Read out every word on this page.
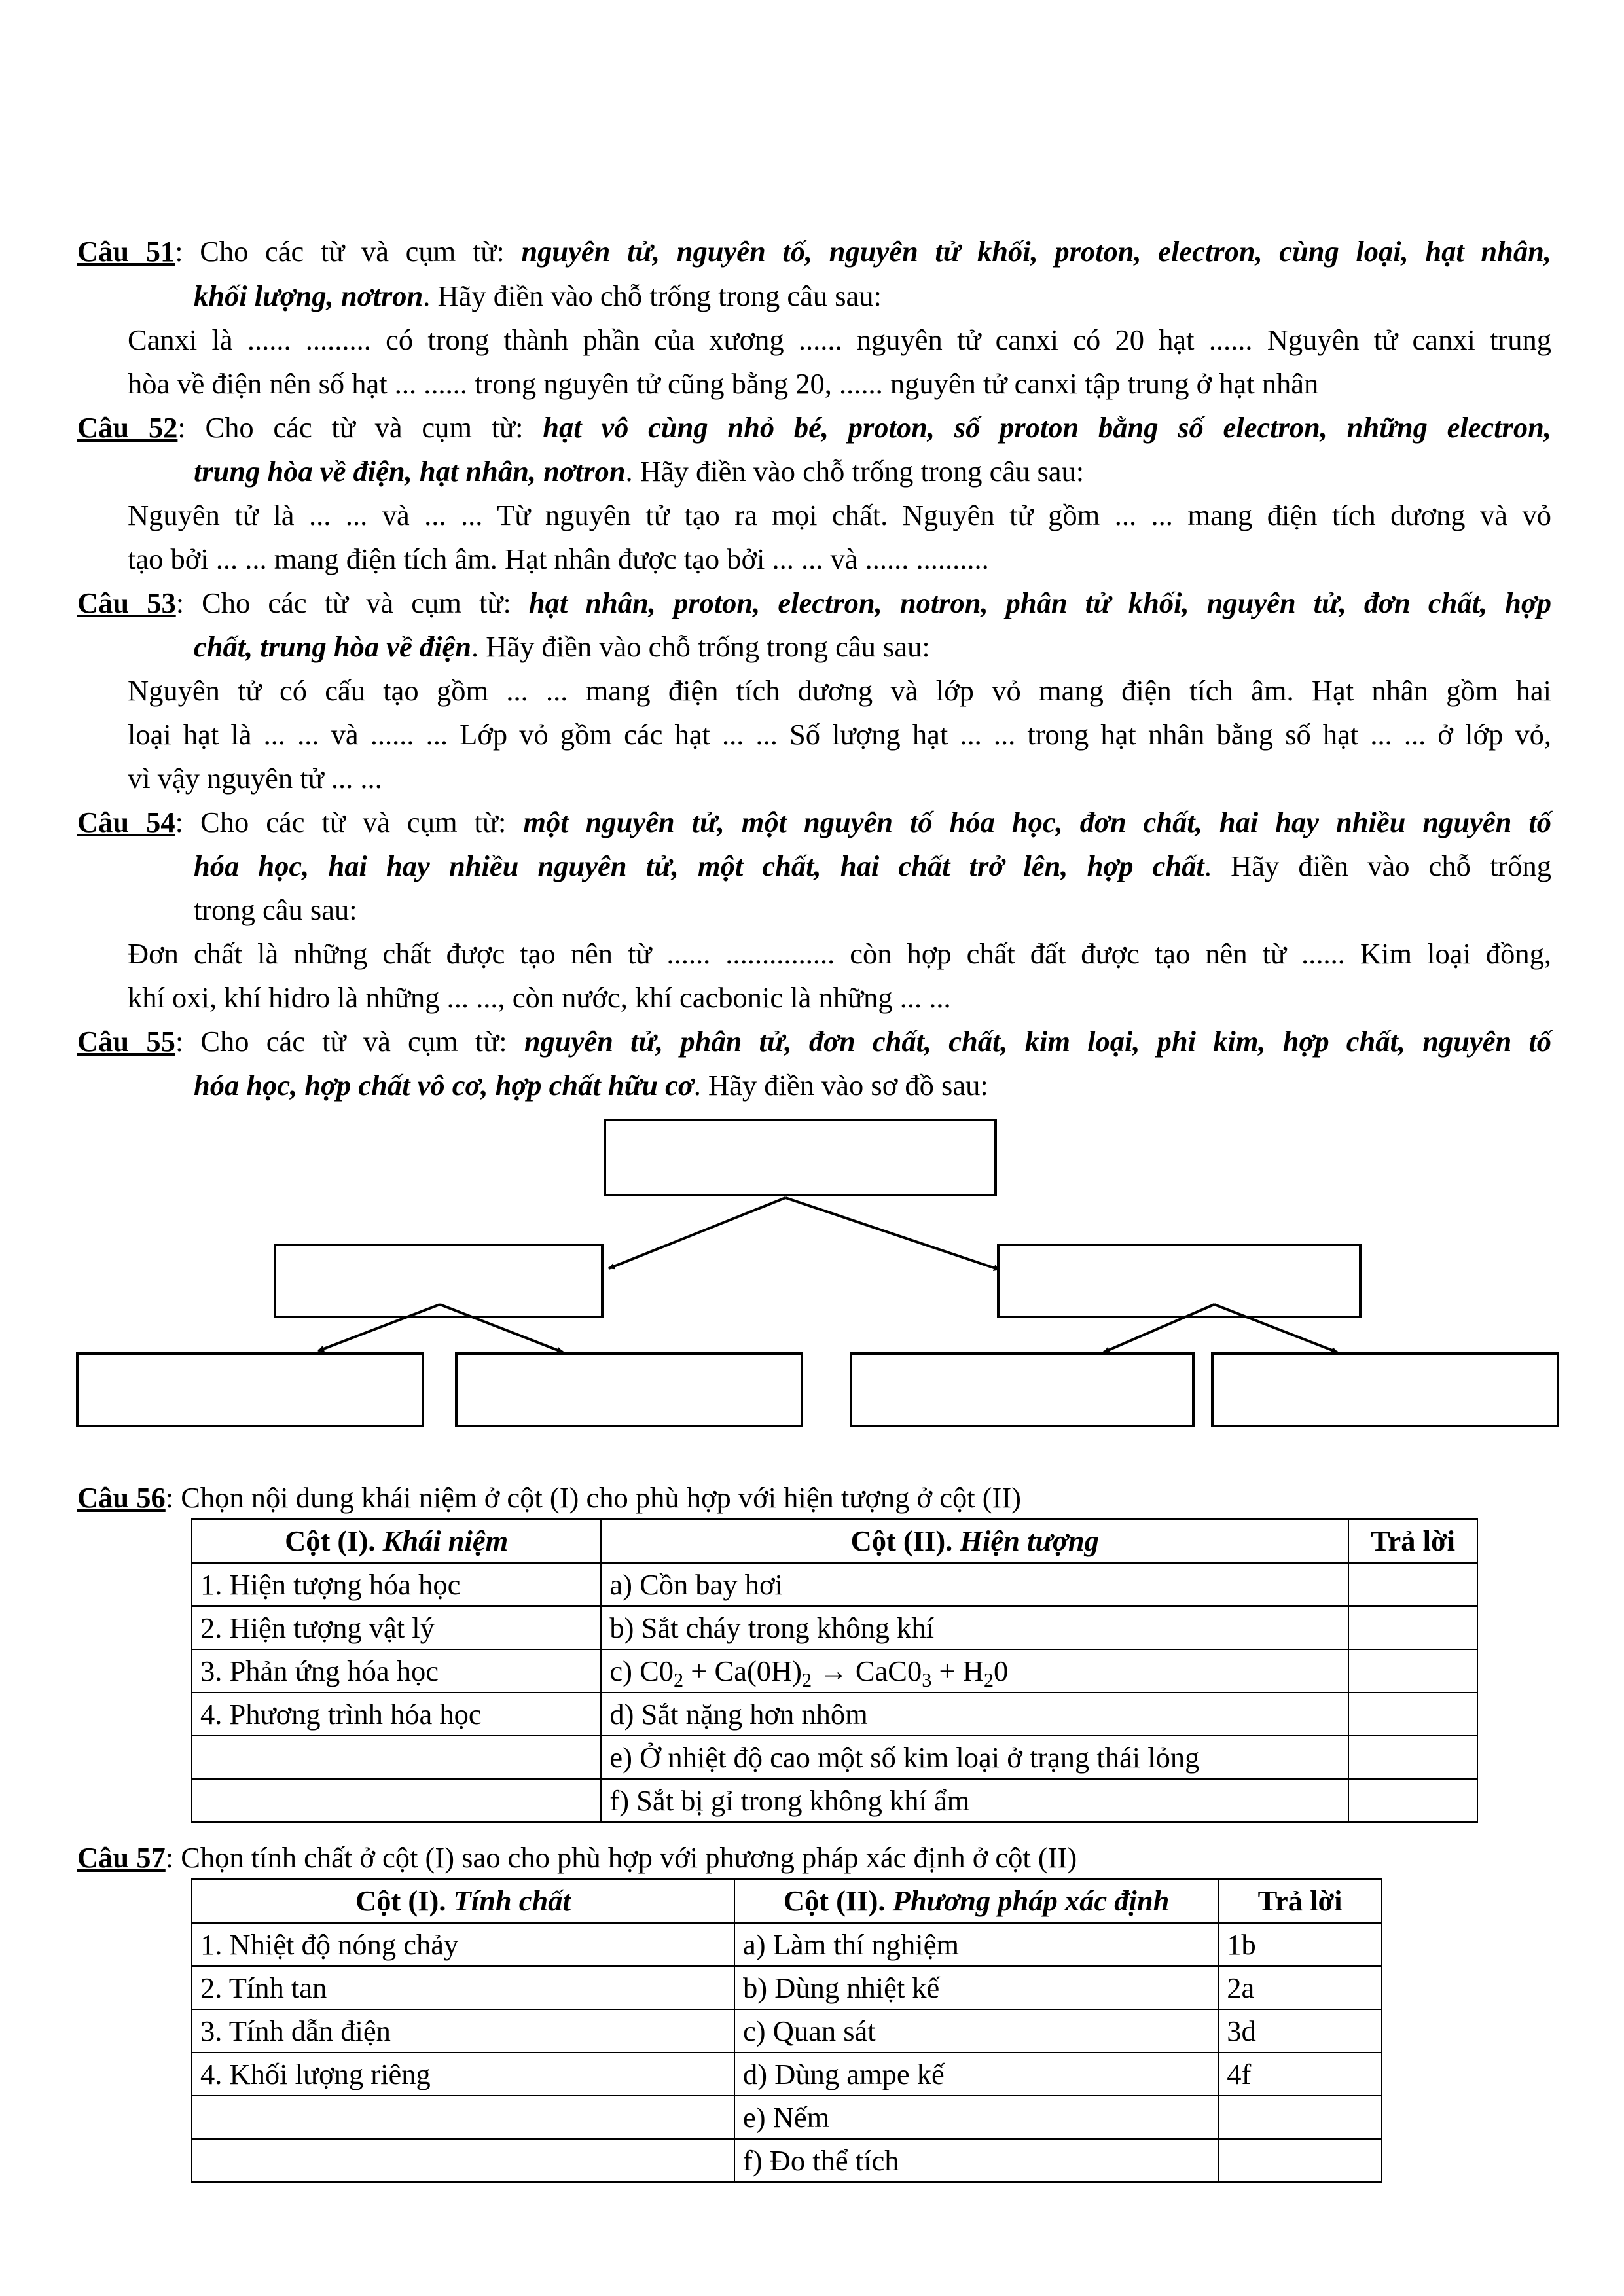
Câu 51: Cho các từ và cụm từ: nguyên tử, nguyên tố, nguyên tử khối, proton, electron, cùng loại, hạt nhân,
khối lượng, nơtron. Hãy điền vào chỗ trống trong câu sau:
Canxi là ...... ......... có trong thành phần của xương ...... nguyên tử canxi có 20 hạt ...... Nguyên tử canxi trung
hòa về điện nên số hạt ... ...... trong nguyên tử cũng bằng 20, ...... nguyên tử canxi tập trung ở hạt nhân
Câu 52: Cho các từ và cụm từ: hạt vô cùng nhỏ bé, proton, số proton bằng số electron, những electron,
trung hòa về điện, hạt nhân, nơtron. Hãy điền vào chỗ trống trong câu sau:
Nguyên tử là ... ... và ... ... Từ nguyên tử tạo ra mọi chất. Nguyên tử gồm ... ... mang điện tích dương và vỏ
tạo bởi ... ... mang điện tích âm. Hạt nhân được tạo bởi ... ... và ...... ..........
Câu 53: Cho các từ và cụm từ: hạt nhân, proton, electron, notron, phân tử khối, nguyên tử, đơn chất, hợp
chất, trung hòa về điện. Hãy điền vào chỗ trống trong câu sau:
Nguyên tử có cấu tạo gồm ... ... mang điện tích dương và lớp vỏ mang điện tích âm. Hạt nhân gồm hai
loại hạt là ... ... và ...... ... Lớp vỏ gồm các hạt ... ... Số lượng hạt ... ... trong hạt nhân bằng số hạt ... ... ở lớp vỏ,
vì vậy nguyên tử ... ...
Câu 54: Cho các từ và cụm từ: một nguyên tử, một nguyên tố hóa học, đơn chất, hai hay nhiều nguyên tố
hóa học, hai hay nhiều nguyên tử, một chất, hai chất trở lên, hợp chất. Hãy điền vào chỗ trống
trong câu sau:
Đơn chất là những chất được tạo nên từ ...... ............... còn hợp chất đất được tạo nên từ ...... Kim loại đồng,
khí oxi, khí hidro là những ... ..., còn nước, khí cacbonic là những ... ...
Câu 55: Cho các từ và cụm từ: nguyên tử, phân tử, đơn chất, chất, kim loại, phi kim, hợp chất, nguyên tố
hóa học, hợp chất vô cơ, hợp chất hữu cơ. Hãy điền vào sơ đồ sau:
Câu 56: Chọn nội dung khái niệm ở cột (I) cho phù hợp với hiện tượng ở cột (II)
Cột (I). Khái niệm	Cột (II). Hiện tượng	Trả lời
1. Hiện tượng hóa học	a) Cồn bay hơi	
2. Hiện tượng vật lý	b) Sắt cháy trong không khí	
3. Phản ứng hóa học	c) $C0_2 + Ca(0H)_2 \to CaC0_3 + H_20$	
4. Phương trình hóa học	d) Sắt nặng hơn nhôm	
	e) Ở nhiệt độ cao một số kim loại ở trạng thái lỏng	
	f) Sắt bị gỉ trong không khí ẩm	
Câu 57: Chọn tính chất ở cột (I) sao cho phù hợp với phương pháp xác định ở cột (II)
Cột (I). Tính chất	Cột (II). Phương pháp xác định	Trả lời
1. Nhiệt độ nóng chảy	a) Làm thí nghiệm	1b
2. Tính tan	b) Dùng nhiệt kế	2a
3. Tính dẫn điện	c) Quan sát	3d
4. Khối lượng riêng	d) Dùng ampe kế	4f
	e) Nếm	
	f) Đo thể tích	
